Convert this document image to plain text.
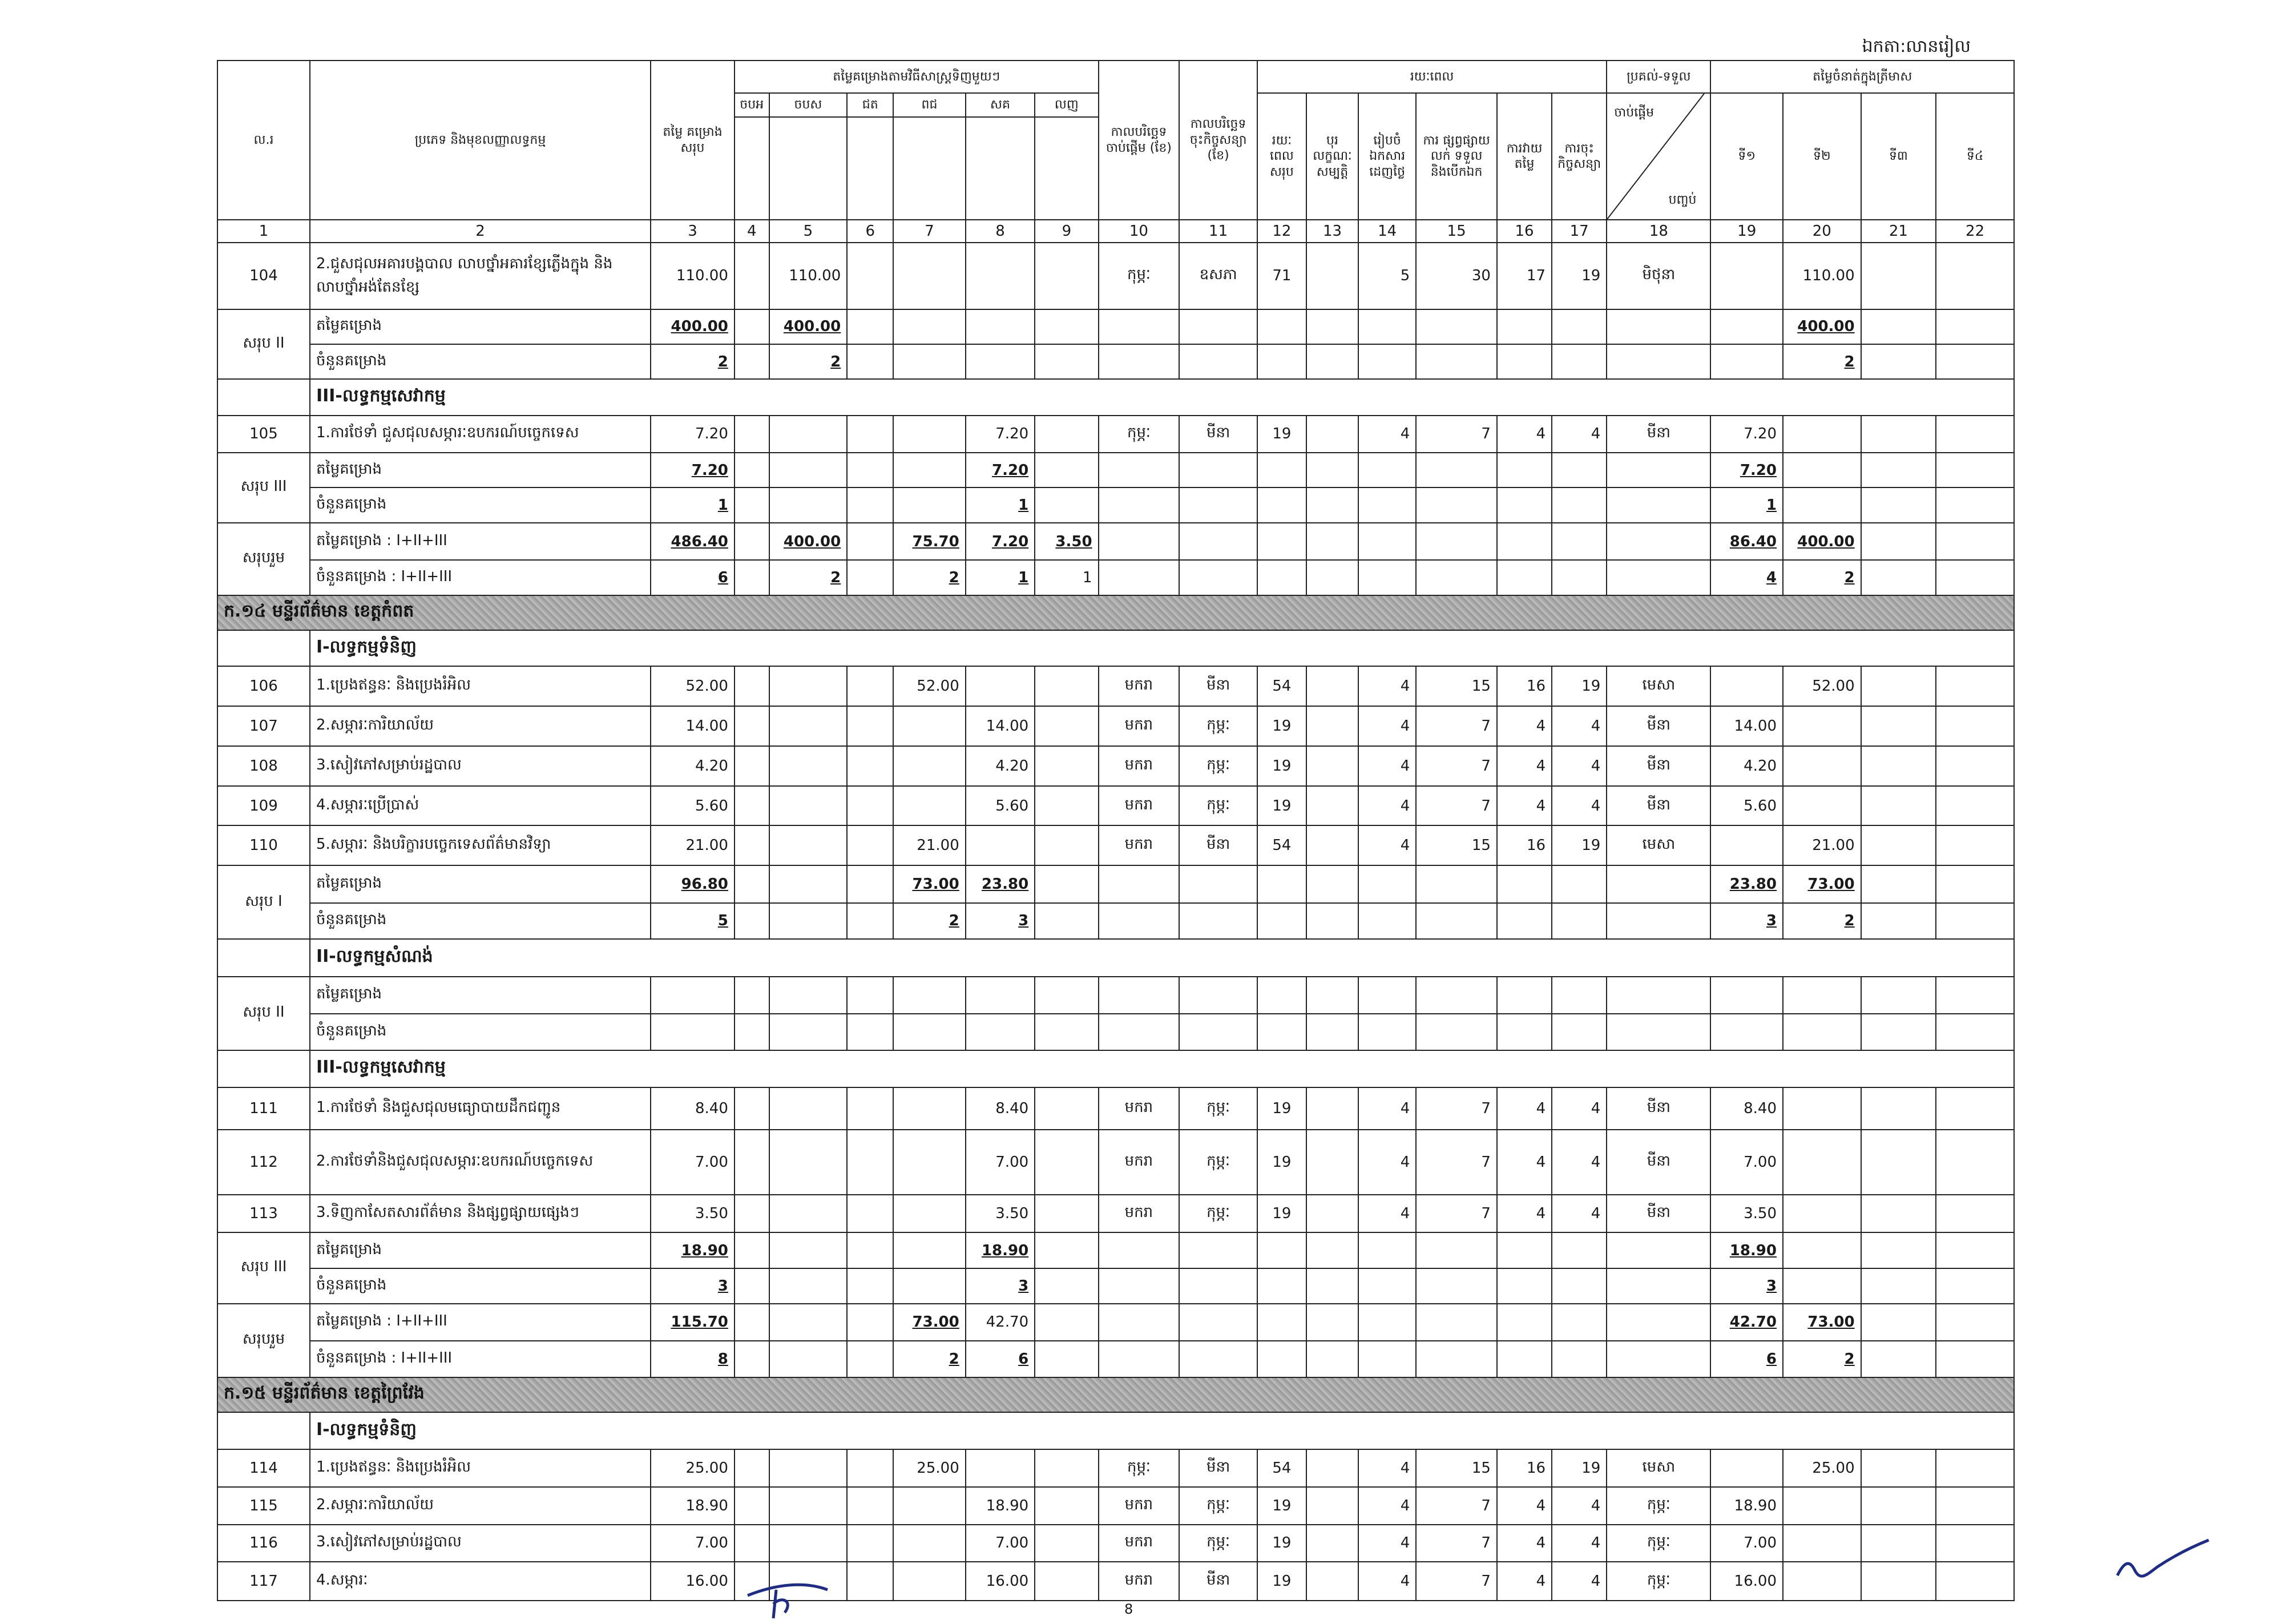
ឯកតា:លានរៀល
ល.រ	ប្រភេទ និងមុខលញ្ញាលទ្ធកម្ម	តម្លៃ គម្រោង សរុប	តម្លៃគម្រោងតាមវិធីសាស្ត្រទិញមួយៗ						កាលបរិច្ឆេទ ចាប់ផ្តើម (ខែ)	កាលបរិច្ឆេទ ចុះកិច្ចសន្យា (ខែ)	រយៈពេល						ប្រគល់-ទទួល	តម្លៃចំនាត់ក្នុងត្រីមាស			
			ចបអ	ចបស	ជត	ពជ	សគ	លញ			រយៈ ពេល សរុប	បុរ លក្ខណៈ សម្បត្តិ	រៀបចំ ឯកសារ ដេញថ្លៃ	ការ ផ្សព្វផ្សាយ លក់ ទទួល និងបើកឯក	ការវាយ តម្លៃ	ការចុះ កិច្ចសន្យា	ចាប់ផ្តើម
បញ្ចប់	ទី១	ទី២	ទី៣	ទី៤

1	2	3	4	5	6	7	8	9	10	11	12	13	14	15	16	17	18	19	20	21	22
104	2.ជួសជុលអគារបង្គបាល លាបថ្នាំអគារខ្សែភ្លើងក្នុង និង លាបថ្នាំអង់តែនខ្សែ	110.00		110.00					កុម្ភៈ	ឧសភា	71		5	30	17	19	មិថុនា		110.00		
សរុប II	តម្លៃគម្រោង	400.00		400.00															400.00		
	ចំនួនគម្រោង	2		2															2		
	III-លទ្ធកម្មសេវាកម្ម																				
105	1.ការថែទាំ ជួសជុលសម្ភារៈឧបករណ៍បច្ចេកទេស	7.20					7.20		កុម្ភៈ	មីនា	19		4	7	4	4	មីនា	7.20			
សរុប III	តម្លៃគម្រោង	7.20					7.20											7.20			
	ចំនួនគម្រោង	1					1											1			
សរុបរួម	តម្លៃគម្រោង : I+II+III	486.40		400.00		75.70	7.20	3.50										86.40	400.00		
	ចំនួនគម្រោង : I+II+III	6		2		2	1	1										4	2		
ក.១៤ មន្ទីរព័ត៌មាន ខេត្តកំពត																					
	I-លទ្ធកម្មទំនិញ																				
106	1.ប្រេងឥន្ធនៈ និងប្រេងរំអិល	52.00				52.00			មករា	មីនា	54		4	15	16	19	មេសា		52.00		
107	2.សម្ភារៈការិយាល័យ	14.00					14.00		មករា	កុម្ភៈ	19		4	7	4	4	មីនា	14.00			
108	3.សៀវភៅសម្រាប់រដ្ឋបាល	4.20					4.20		មករា	កុម្ភៈ	19		4	7	4	4	មីនា	4.20			
109	4.សម្ភារៈប្រើប្រាស់	5.60					5.60		មករា	កុម្ភៈ	19		4	7	4	4	មីនា	5.60			
110	5.សម្ភារៈ និងបរិក្ខារបច្ចេកទេសព័ត៌មានវិទ្យា	21.00				21.00			មករា	មីនា	54		4	15	16	19	មេសា		21.00		
សរុប I	តម្លៃគម្រោង	96.80				73.00	23.80											23.80	73.00		
	ចំនួនគម្រោង	5				2	3											3	2		
	II-លទ្ធកម្មសំណង់																				
សរុប II	តម្លៃគម្រោង																				
	ចំនួនគម្រោង																				
	III-លទ្ធកម្មសេវាកម្ម																				
111	1.ការថែទាំ និងជួសជុលមធ្យោបាយដឹកជញ្ជូន	8.40					8.40		មករា	កុម្ភៈ	19		4	7	4	4	មីនា	8.40			
112	2.ការថែទាំនិងជួសជុលសម្ភារៈឧបករណ៍បច្ចេកទេស	7.00					7.00		មករា	កុម្ភៈ	19		4	7	4	4	មីនា	7.00			
113	3.ទិញកាសែតសារព័ត៌មាន និងផ្សព្វផ្សាយផ្សេងៗ	3.50					3.50		មករា	កុម្ភៈ	19		4	7	4	4	មីនា	3.50			
សរុប III	តម្លៃគម្រោង	18.90					18.90											18.90			
	ចំនួនគម្រោង	3					3											3			
សរុបរួម	តម្លៃគម្រោង : I+II+III	115.70				73.00	42.70											42.70	73.00		
	ចំនួនគម្រោង : I+II+III	8				2	6											6	2		
ក.១៥ មន្ទីរព័ត៌មាន ខេត្តព្រៃវែង																					
	I-លទ្ធកម្មទំនិញ																				
114	1.ប្រេងឥន្ធនៈ និងប្រេងរំអិល	25.00				25.00			កុម្ភៈ	មីនា	54		4	15	16	19	មេសា		25.00		
115	2.សម្ភារៈការិយាល័យ	18.90					18.90		មករា	កុម្ភៈ	19		4	7	4	4	កុម្ភៈ	18.90			
116	3.សៀវភៅសម្រាប់រដ្ឋបាល	7.00					7.00		មករា	កុម្ភៈ	19		4	7	4	4	កុម្ភៈ	7.00			
117	4.សម្ភារៈ	16.00					16.00		មករា	មីនា	19		4	7	4	4	កុម្ភៈ	16.00			
8
